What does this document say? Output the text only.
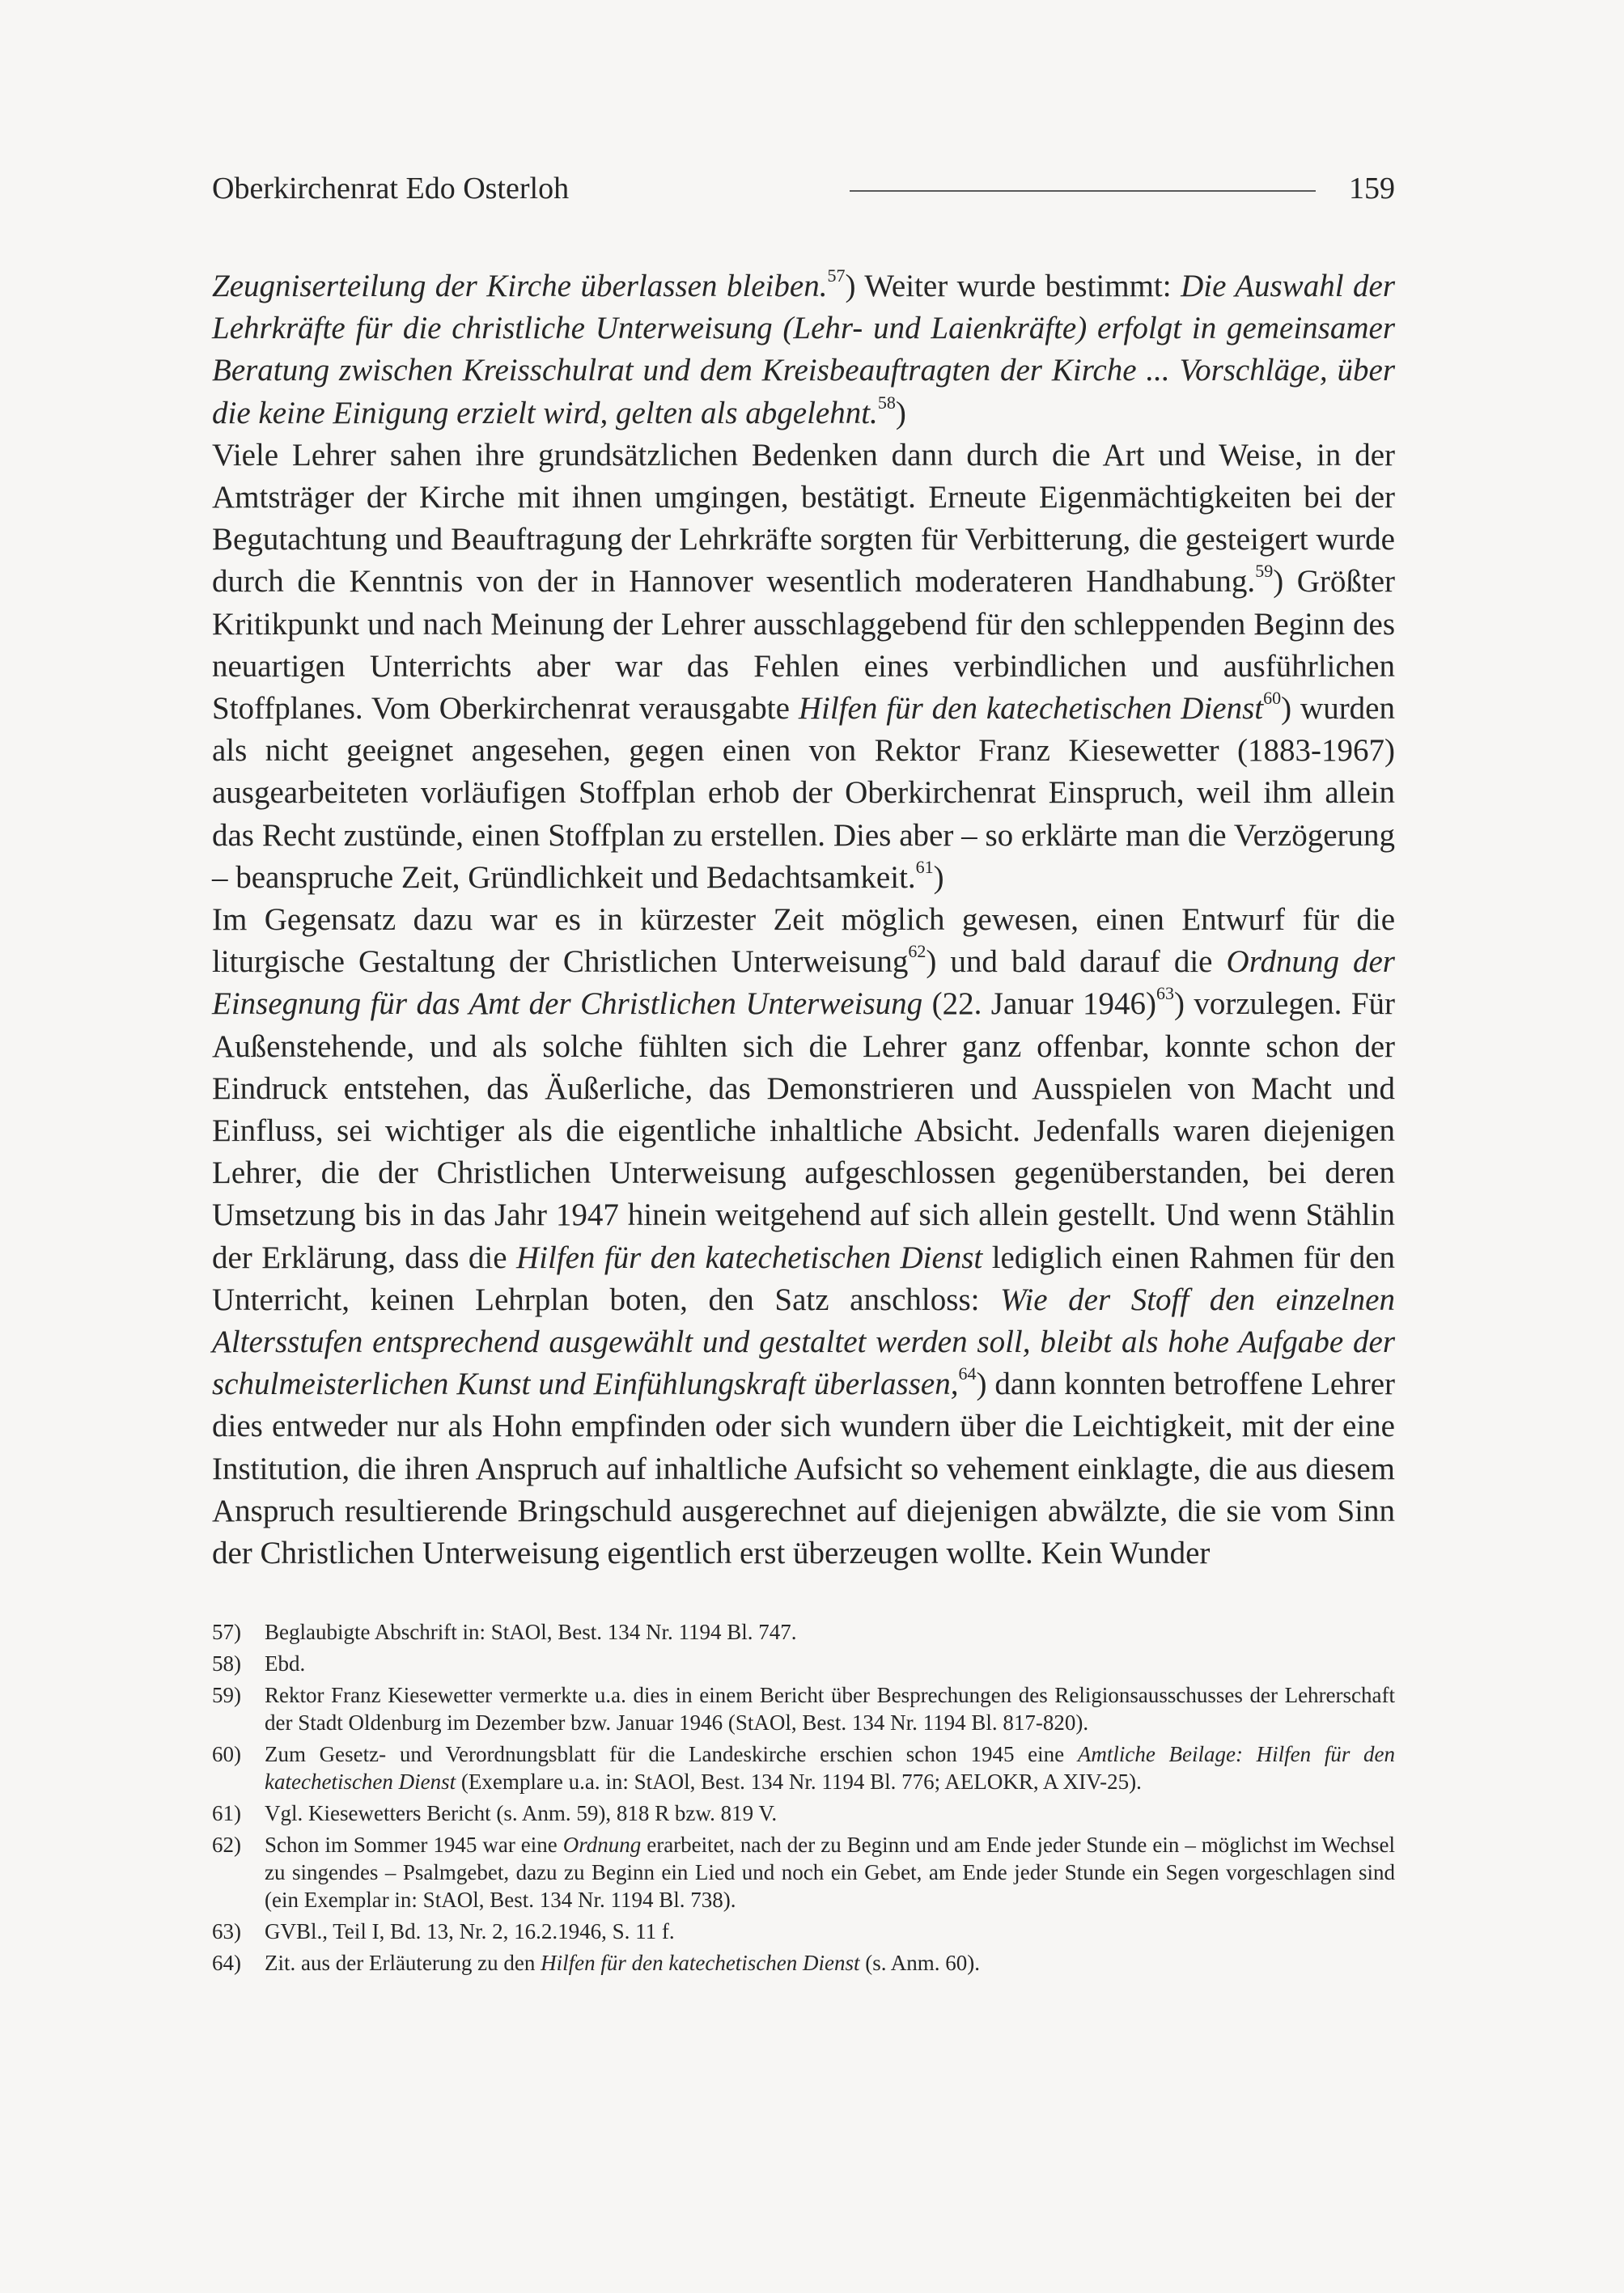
Oberkirchenrat Edo Osterloh	159

Zeugniserteilung der Kirche überlassen bleiben.$^{57}$) Weiter wurde bestimmt: Die Auswahl der Lehrkräfte für die christliche Unterweisung (Lehr- und Laienkräfte) erfolgt in gemeinsamer Beratung zwischen Kreisschulrat und dem Kreisbeauftragten der Kirche ... Vorschläge, über die keine Einigung erzielt wird, gelten als abgelehnt.$^{58}$)

Viele Lehrer sahen ihre grundsätzlichen Bedenken dann durch die Art und Weise, in der Amtsträger der Kirche mit ihnen umgingen, bestätigt. Erneute Eigenmächtigkeiten bei der Begutachtung und Beauftragung der Lehrkräfte sorgten für Verbitterung, die gesteigert wurde durch die Kenntnis von der in Hannover wesentlich moderateren Handhabung.$^{59}$) Größter Kritikpunkt und nach Meinung der Lehrer ausschlaggebend für den schleppenden Beginn des neuartigen Unterrichts aber war das Fehlen eines verbindlichen und ausführlichen Stoffplanes. Vom Oberkirchenrat verausgabte Hilfen für den katechetischen Dienst$^{60}$) wurden als nicht geeignet angesehen, gegen einen von Rektor Franz Kiesewetter (1883-1967) ausgearbeiteten vorläufigen Stoffplan erhob der Oberkirchenrat Einspruch, weil ihm allein das Recht zustünde, einen Stoffplan zu erstellen. Dies aber – so erklärte man die Verzögerung – beanspruche Zeit, Gründlichkeit und Bedachtsamkeit.$^{61}$)

Im Gegensatz dazu war es in kürzester Zeit möglich gewesen, einen Entwurf für die liturgische Gestaltung der Christlichen Unterweisung$^{62}$) und bald darauf die Ordnung der Einsegnung für das Amt der Christlichen Unterweisung (22. Januar 1946)$^{63}$) vorzulegen. Für Außenstehende, und als solche fühlten sich die Lehrer ganz offenbar, konnte schon der Eindruck entstehen, das Äußerliche, das Demonstrieren und Ausspielen von Macht und Einfluss, sei wichtiger als die eigentliche inhaltliche Absicht. Jedenfalls waren diejenigen Lehrer, die der Christlichen Unterweisung aufgeschlossen gegenüberstanden, bei deren Umsetzung bis in das Jahr 1947 hinein weitgehend auf sich allein gestellt. Und wenn Stählin der Erklärung, dass die Hilfen für den katechetischen Dienst lediglich einen Rahmen für den Unterricht, keinen Lehrplan boten, den Satz anschloss: Wie der Stoff den einzelnen Altersstufen entsprechend ausgewählt und gestaltet werden soll, bleibt als hohe Aufgabe der schulmeisterlichen Kunst und Einfühlungskraft überlassen,$^{64}$) dann konnten betroffene Lehrer dies entweder nur als Hohn empfinden oder sich wundern über die Leichtigkeit, mit der eine Institution, die ihren Anspruch auf inhaltliche Aufsicht so vehement einklagte, die aus diesem Anspruch resultierende Bringschuld ausgerechnet auf diejenigen abwälzte, die sie vom Sinn der Christlichen Unterweisung eigentlich erst überzeugen wollte. Kein Wunder

57) Beglaubigte Abschrift in: StAOl, Best. 134 Nr. 1194 Bl. 747.
58) Ebd.
59) Rektor Franz Kiesewetter vermerkte u.a. dies in einem Bericht über Besprechungen des Religionsausschusses der Lehrerschaft der Stadt Oldenburg im Dezember bzw. Januar 1946 (StAOl, Best. 134 Nr. 1194 Bl. 817-820).
60) Zum Gesetz- und Verordnungsblatt für die Landeskirche erschien schon 1945 eine Amtliche Beilage: Hilfen für den katechetischen Dienst (Exemplare u.a. in: StAOl, Best. 134 Nr. 1194 Bl. 776; AELOKR, A XIV-25).
61) Vgl. Kiesewetters Bericht (s. Anm. 59), 818 R bzw. 819 V.
62) Schon im Sommer 1945 war eine Ordnung erarbeitet, nach der zu Beginn und am Ende jeder Stunde ein – möglichst im Wechsel zu singendes – Psalmgebet, dazu zu Beginn ein Lied und noch ein Gebet, am Ende jeder Stunde ein Segen vorgeschlagen sind (ein Exemplar in: StAOl, Best. 134 Nr. 1194 Bl. 738).
63) GVBl., Teil I, Bd. 13, Nr. 2, 16.2.1946, S. 11 f.
64) Zit. aus der Erläuterung zu den Hilfen für den katechetischen Dienst (s. Anm. 60).
